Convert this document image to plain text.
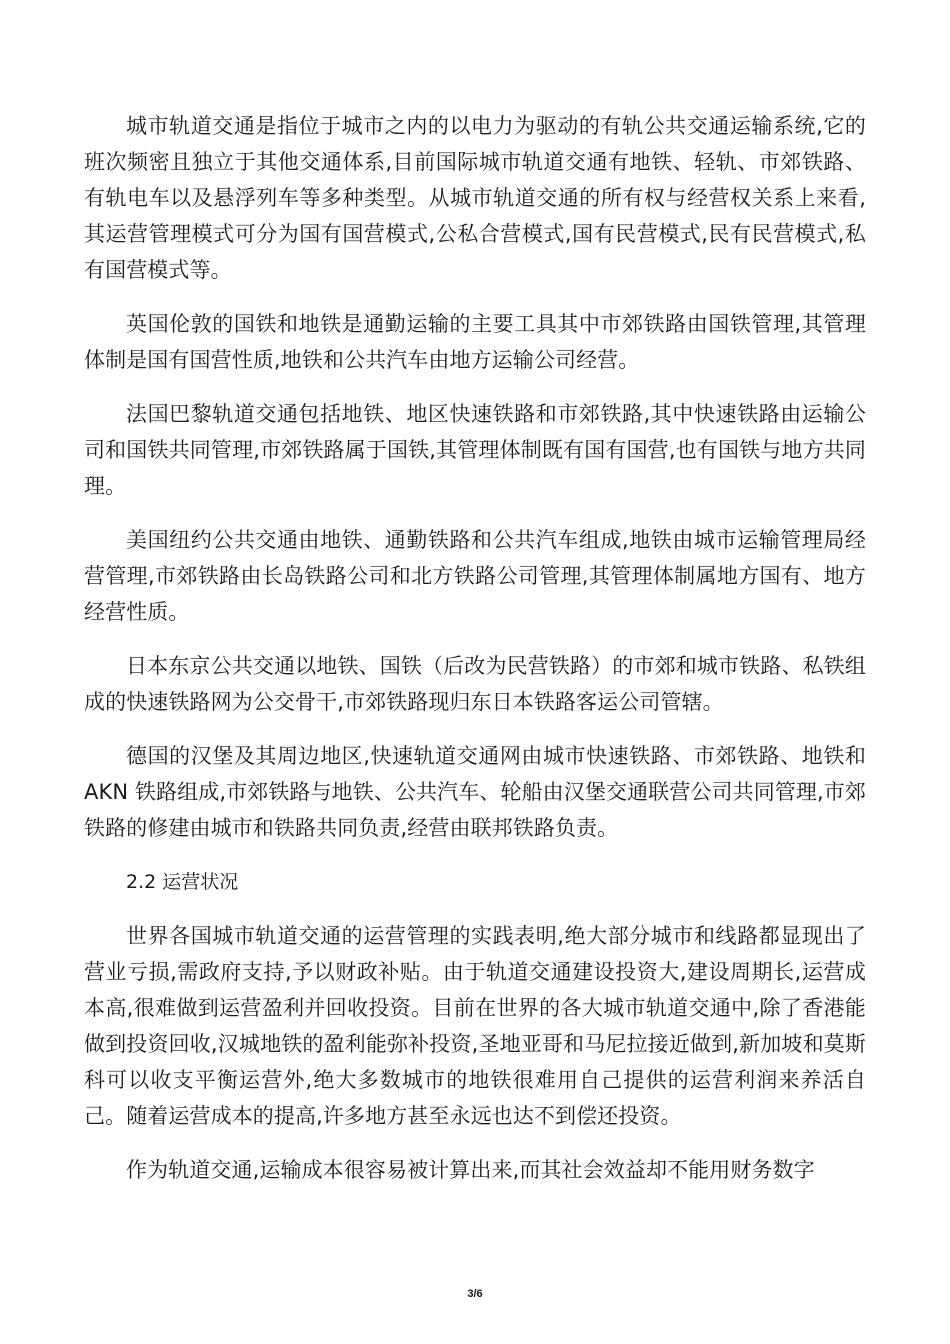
城市轨道交通是指位于城市之内的以电力为驱动的有轨公共交通运输系统,它的班次频密且独立于其他交通体系,目前国际城市轨道交通有地铁、轻轨、市郊铁路、有轨电车以及悬浮列车等多种类型。从城市轨道交通的所有权与经营权关系上来看,其运营管理模式可分为国有国营模式,公私合营模式,国有民营模式,民有民营模式,私有国营模式等。

英国伦敦的国铁和地铁是通勤运输的主要工具其中市郊铁路由国铁管理,其管理体制是国有国营性质,地铁和公共汽车由地方运输公司经营。

法国巴黎轨道交通包括地铁、地区快速铁路和市郊铁路,其中快速铁路由运输公司和国铁共同管理,市郊铁路属于国铁,其管理体制既有国有国营,也有国铁与地方共同理。

美国纽约公共交通由地铁、通勤铁路和公共汽车组成,地铁由城市运输管理局经营管理,市郊铁路由长岛铁路公司和北方铁路公司管理,其管理体制属地方国有、地方经营性质。

日本东京公共交通以地铁、国铁（后改为民营铁路）的市郊和城市铁路、私铁组成的快速铁路网为公交骨干,市郊铁路现归东日本铁路客运公司管辖。

德国的汉堡及其周边地区,快速轨道交通网由城市快速铁路、市郊铁路、地铁和 AKN 铁路组成,市郊铁路与地铁、公共汽车、轮船由汉堡交通联营公司共同管理,市郊铁路的修建由城市和铁路共同负责,经营由联邦铁路负责。

2.2 运营状况

世界各国城市轨道交通的运营管理的实践表明,绝大部分城市和线路都显现出了营业亏损,需政府支持,予以财政补贴。由于轨道交通建设投资大,建设周期长,运营成本高,很难做到运营盈利并回收投资。目前在世界的各大城市轨道交通中,除了香港能做到投资回收,汉城地铁的盈利能弥补投资,圣地亚哥和马尼拉接近做到,新加坡和莫斯科可以收支平衡运营外,绝大多数城市的地铁很难用自己提供的运营利润来养活自己。随着运营成本的提高,许多地方甚至永远也达不到偿还投资。

作为轨道交通,运输成本很容易被计算出来,而其社会效益却不能用财务数字

3/6
